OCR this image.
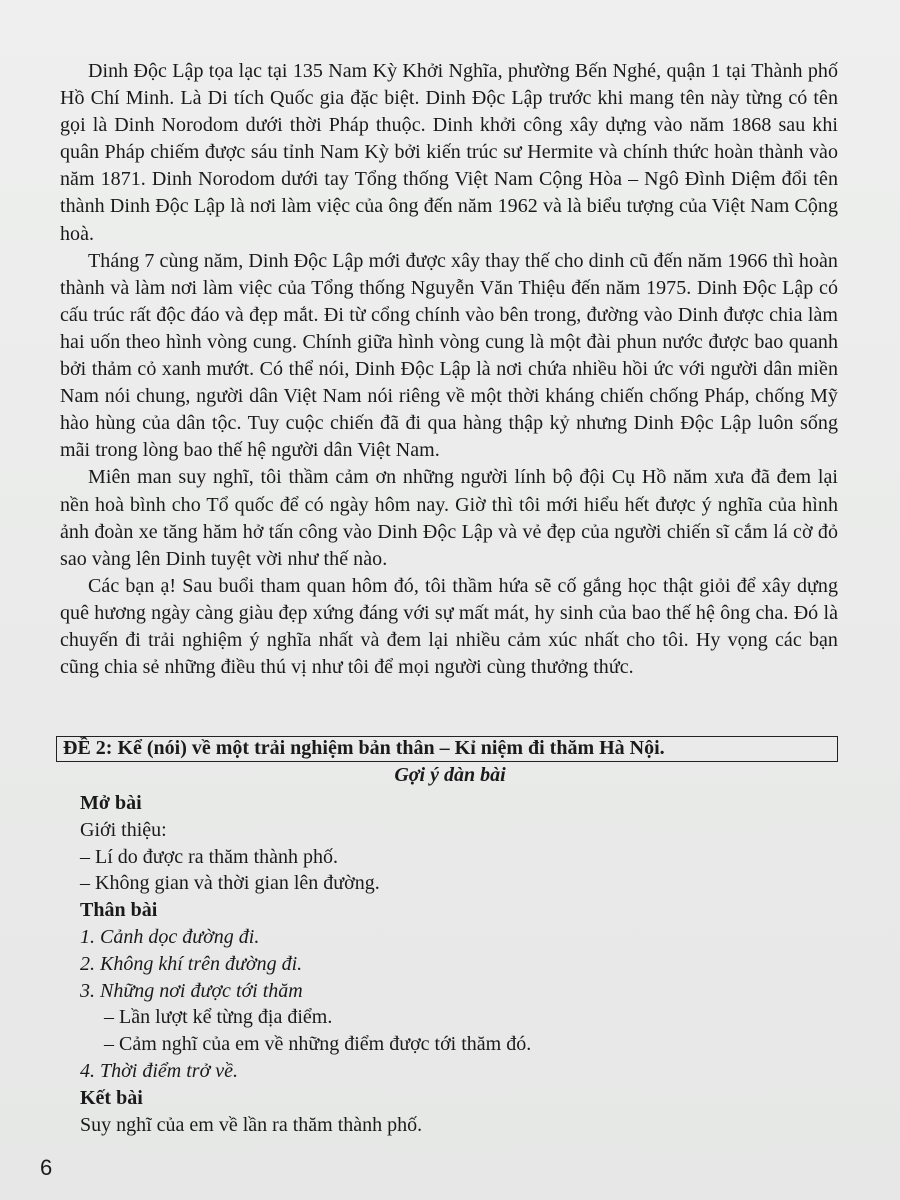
Dinh Độc Lập tọa lạc tại 135 Nam Kỳ Khởi Nghĩa, phường Bến Nghé, quận 1 tại Thành phố Hồ Chí Minh. Là Di tích Quốc gia đặc biệt. Dinh Độc Lập trước khi mang tên này từng có tên gọi là Dinh Norodom dưới thời Pháp thuộc. Dinh khởi công xây dựng vào năm 1868 sau khi quân Pháp chiếm được sáu tỉnh Nam Kỳ bởi kiến trúc sư Hermite và chính thức hoàn thành vào năm 1871. Dinh Norodom dưới tay Tổng thống Việt Nam Cộng Hòa – Ngô Đình Diệm đổi tên thành Dinh Độc Lập là nơi làm việc của ông đến năm 1962 và là biểu tượng của Việt Nam Cộng hoà.

Tháng 7 cùng năm, Dinh Độc Lập mới được xây thay thế cho dinh cũ đến năm 1966 thì hoàn thành và làm nơi làm việc của Tổng thống Nguyễn Văn Thiệu đến năm 1975. Dinh Độc Lập có cấu trúc rất độc đáo và đẹp mắt. Đi từ cổng chính vào bên trong, đường vào Dinh được chia làm hai uốn theo hình vòng cung. Chính giữa hình vòng cung là một đài phun nước được bao quanh bởi thảm cỏ xanh mướt. Có thể nói, Dinh Độc Lập là nơi chứa nhiều hồi ức với người dân miền Nam nói chung, người dân Việt Nam nói riêng về một thời kháng chiến chống Pháp, chống Mỹ hào hùng của dân tộc. Tuy cuộc chiến đã đi qua hàng thập kỷ nhưng Dinh Độc Lập luôn sống mãi trong lòng bao thế hệ người dân Việt Nam.

Miên man suy nghĩ, tôi thầm cảm ơn những người lính bộ đội Cụ Hồ năm xưa đã đem lại nền hoà bình cho Tổ quốc để có ngày hôm nay. Giờ thì tôi mới hiểu hết được ý nghĩa của hình ảnh đoàn xe tăng hăm hở tấn công vào Dinh Độc Lập và vẻ đẹp của người chiến sĩ cắm lá cờ đỏ sao vàng lên Dinh tuyệt vời như thế nào.

Các bạn ạ! Sau buổi tham quan hôm đó, tôi thầm hứa sẽ cố gắng học thật giỏi để xây dựng quê hương ngày càng giàu đẹp xứng đáng với sự mất mát, hy sinh của bao thế hệ ông cha. Đó là chuyến đi trải nghiệm ý nghĩa nhất và đem lại nhiều cảm xúc nhất cho tôi. Hy vọng các bạn cũng chia sẻ những điều thú vị như tôi để mọi người cùng thưởng thức.

ĐỀ 2: Kể (nói) về một trải nghiệm bản thân – Kỉ niệm đi thăm Hà Nội.
Gợi ý dàn bài
Mở bài
Giới thiệu:
– Lí do được ra thăm thành phố.
– Không gian và thời gian lên đường.
Thân bài
1. Cảnh dọc đường đi.
2. Không khí trên đường đi.
3. Những nơi được tới thăm
– Lần lượt kể từng địa điểm.
– Cảm nghĩ của em về những điểm được tới thăm đó.
4. Thời điểm trở về.
Kết bài
Suy nghĩ của em về lần ra thăm thành phố.
6
